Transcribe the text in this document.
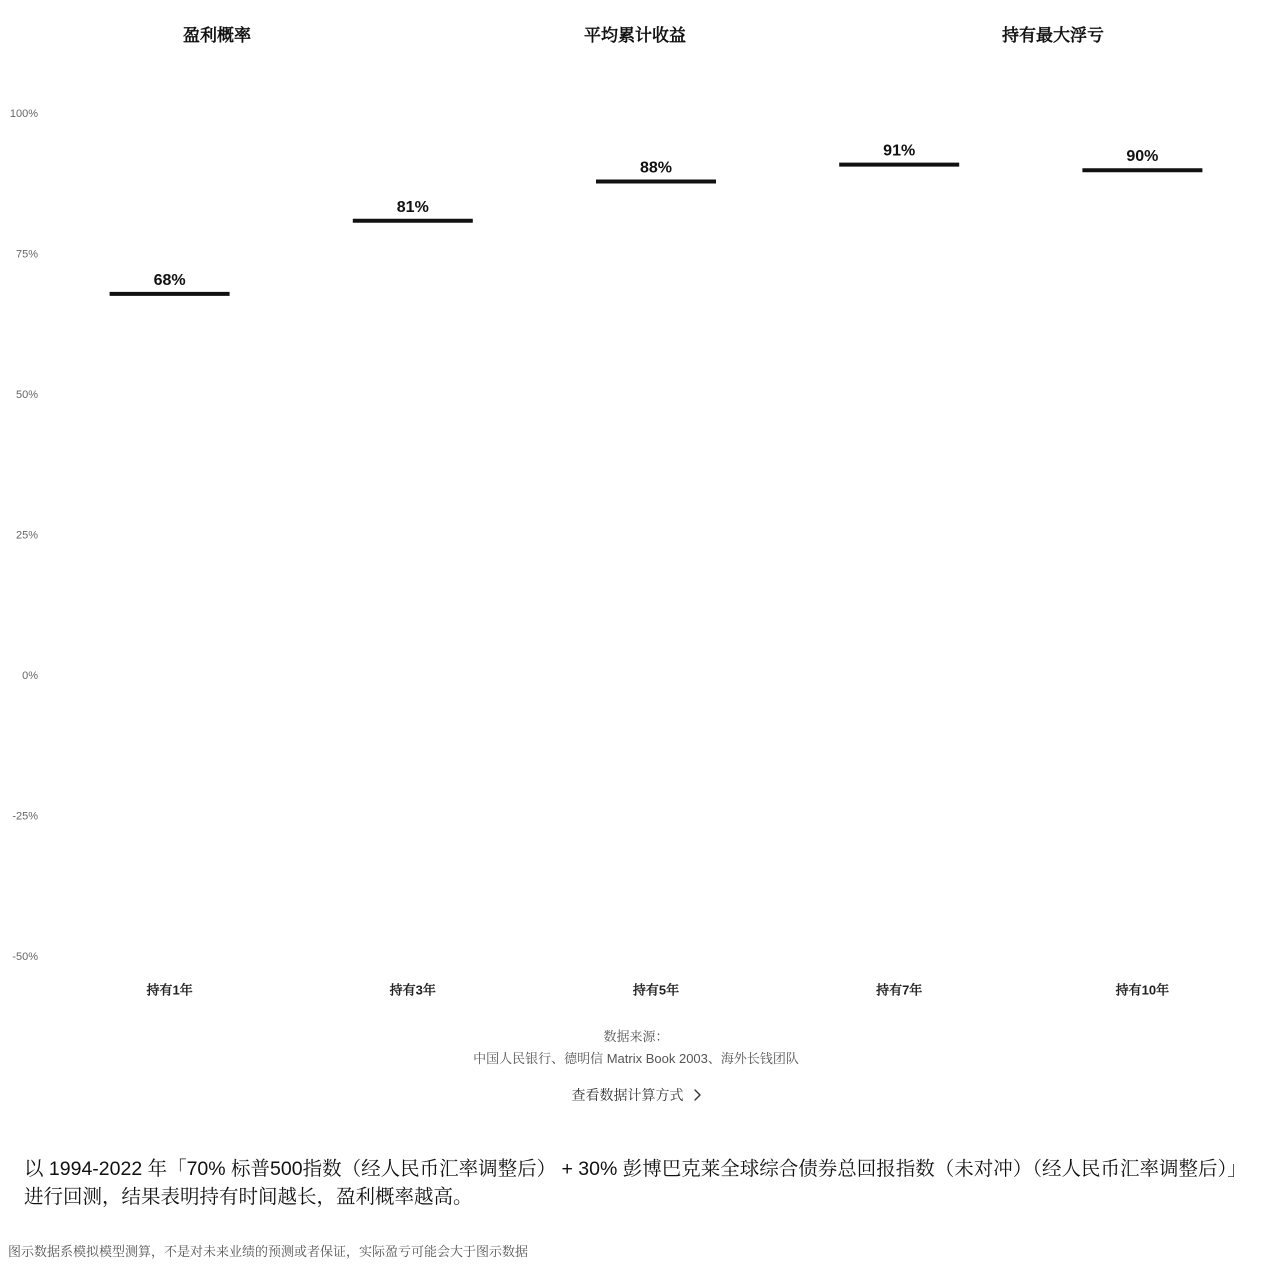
盈利概率	平均累计收益	持有最大浮亏
100%
75%
50%
25%
0%
-25%
-50%
68%
81%
88%
91%	90%
持有1年	持有3年	持有5年	持有7年	持有10年
数据来源：
中国人民银行、德明信 Matrix Book 2003、海外长钱团队
查看数据计算方式
以 1994-2022 年「70% 标普500指数（经人民币汇率调整后） + 30% 彭博巴克莱全球综合债券总回报指数（未对冲）（经人民币汇率调整后）」进行回测，结果表明持有时间越长，盈利概率越高。
图示数据系模拟模型测算，不是对未来业绩的预测或者保证，实际盈亏可能会大于图示数据
